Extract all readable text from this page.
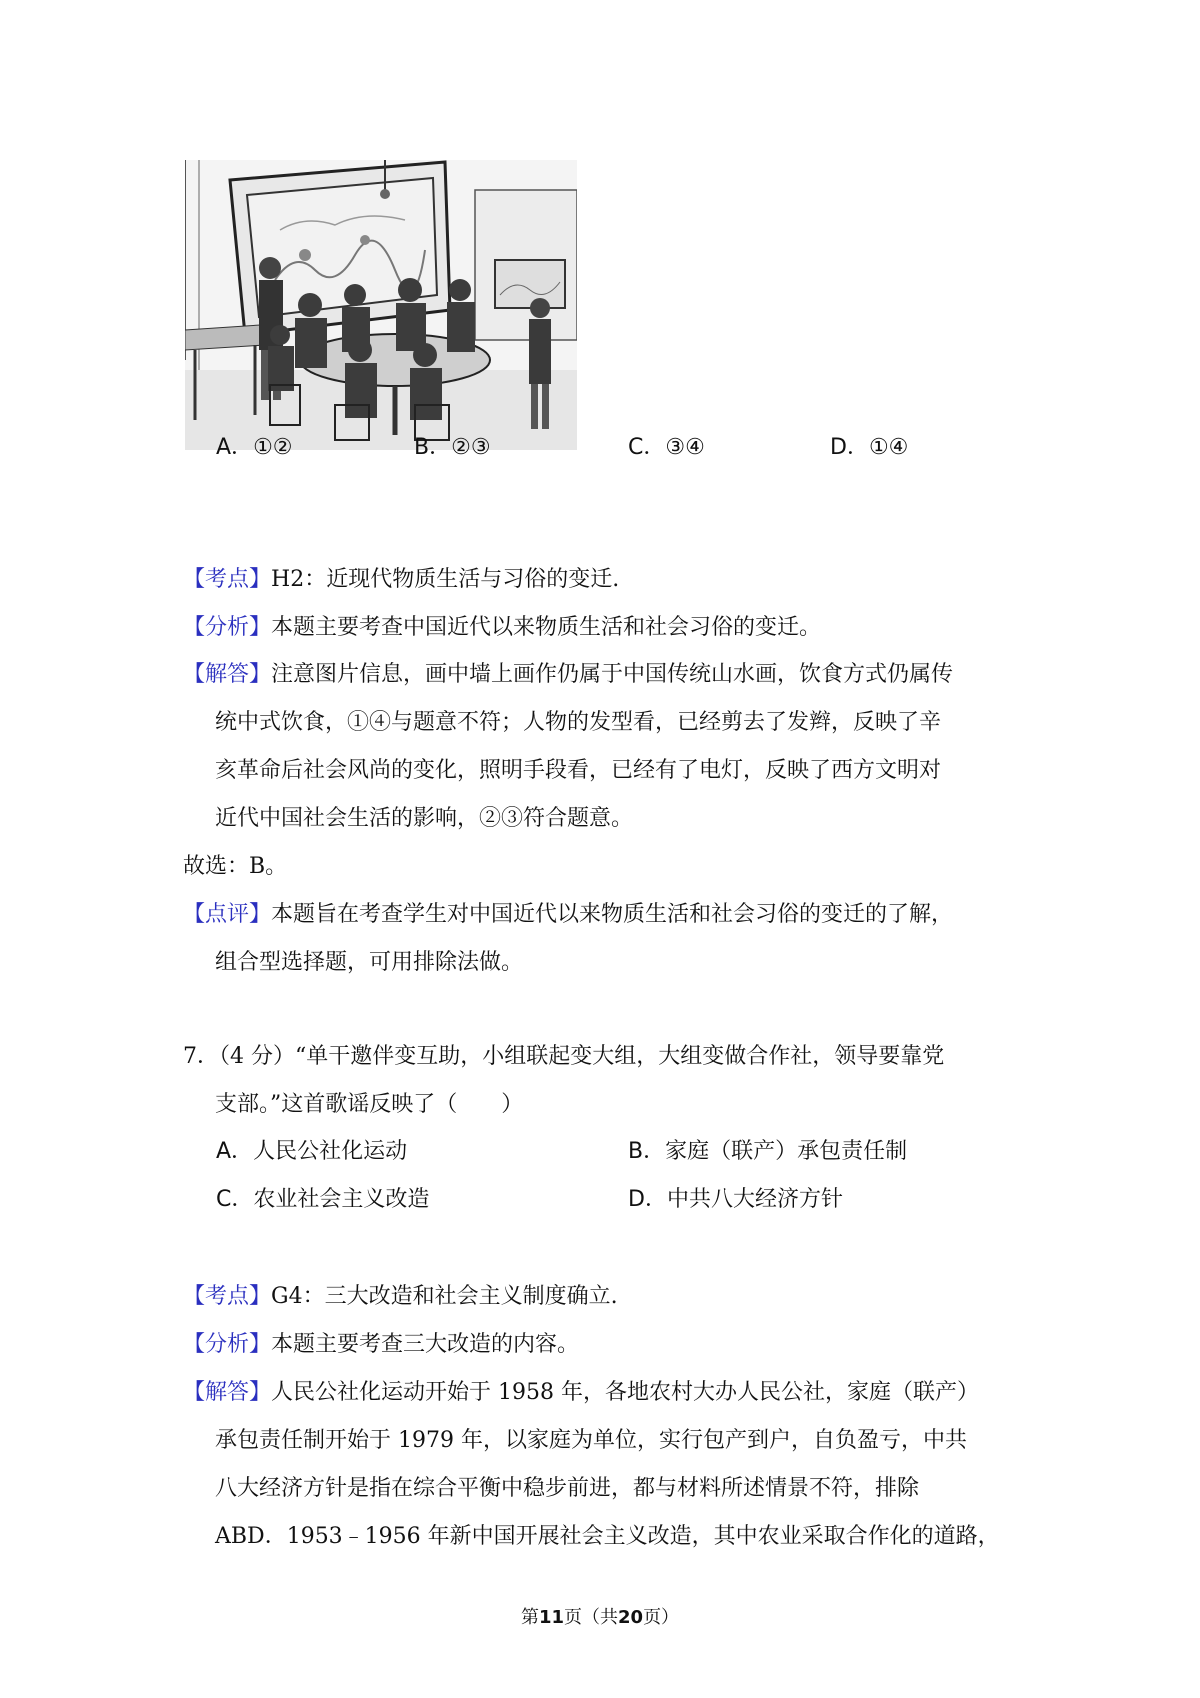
A．①②	B．②③	C．③④	D．①④
【考点】H2：近现代物质生活与习俗的变迁.
【分析】本题主要考查中国近代以来物质生活和社会习俗的变迁。
【解答】注意图片信息，画中墙上画作仍属于中国传统山水画，饮食方式仍属传
统中式饮食，①④与题意不符；人物的发型看，已经剪去了发辫，反映了辛
亥革命后社会风尚的变化，照明手段看，已经有了电灯，反映了西方文明对
近代中国社会生活的影响，②③符合题意。
故选：B。
【点评】本题旨在考查学生对中国近代以来物质生活和社会习俗的变迁的了解，
组合型选择题，可用排除法做。
7．（4 分）“单干邀伴变互助，小组联起变大组，大组变做合作社，领导要靠党
支部。”这首歌谣反映了（　　）
A．人民公社化运动	B．家庭（联产）承包责任制
C．农业社会主义改造	D．中共八大经济方针
【考点】G4：三大改造和社会主义制度确立.
【分析】本题主要考查三大改造的内容。
【解答】人民公社化运动开始于 1958 年，各地农村大办人民公社，家庭（联产）
承包责任制开始于 1979 年，以家庭为单位，实行包产到户，自负盈亏，中共
八大经济方针是指在综合平衡中稳步前进，都与材料所述情景不符，排除
ABD．1953﹣1956 年新中国开展社会主义改造，其中农业采取合作化的道路，
第11页（共20页）
